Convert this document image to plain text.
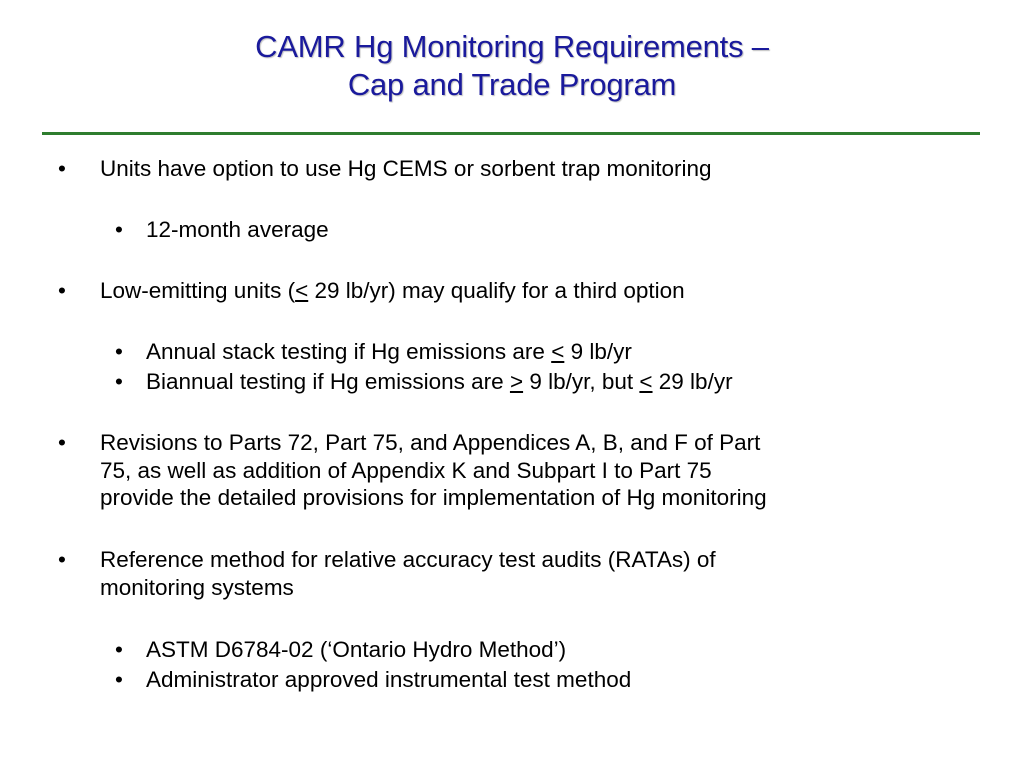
CAMR Hg Monitoring Requirements –
Cap and Trade Program
• Units have option to use Hg CEMS or sorbent trap monitoring
• 12-month average
• Low-emitting units (< 29 lb/yr) may qualify for a third option
• Annual stack testing if Hg emissions are < 9 lb/yr
• Biannual testing if Hg emissions are > 9 lb/yr, but < 29 lb/yr
• Revisions to Parts 72, Part 75, and Appendices A, B, and F of Part
75, as well as addition of Appendix K and Subpart I to Part 75
provide the detailed provisions for implementation of Hg monitoring
• Reference method for relative accuracy test audits (RATAs) of
monitoring systems
• ASTM D6784-02 (‘Ontario Hydro Method’)
• Administrator approved instrumental test method
